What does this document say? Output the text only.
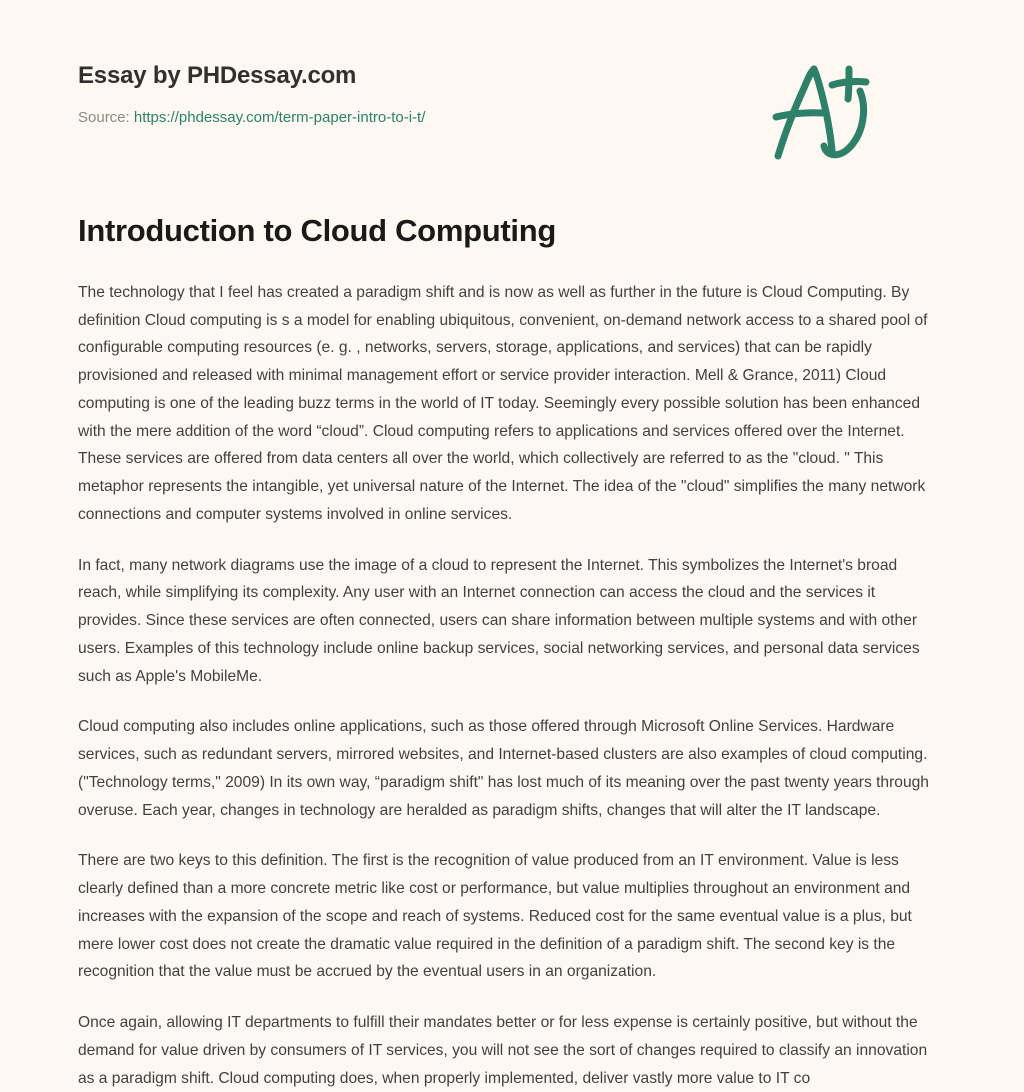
Essay by PHDessay.com
Source: https://phdessay.com/term-paper-intro-to-i-t/
Introduction to Cloud Computing

The technology that I feel has created a paradigm shift and is now as well as further in the future is Cloud Computing. By definition Cloud computing is s a model for enabling ubiquitous, convenient, on-demand network access to a shared pool of configurable computing resources (e. g. , networks, servers, storage, applications, and services) that can be rapidly provisioned and released with minimal management effort or service provider interaction. Mell & Grance, 2011) Cloud computing is one of the leading buzz terms in the world of IT today. Seemingly every possible solution has been enhanced with the mere addition of the word “cloud”. Cloud computing refers to applications and services offered over the Internet. These services are offered from data centers all over the world, which collectively are referred to as the "cloud. " This metaphor represents the intangible, yet universal nature of the Internet. The idea of the "cloud" simplifies the many network connections and computer systems involved in online services.

In fact, many network diagrams use the image of a cloud to represent the Internet. This symbolizes the Internet's broad reach, while simplifying its complexity. Any user with an Internet connection can access the cloud and the services it provides. Since these services are often connected, users can share information between multiple systems and with other users. Examples of this technology include online backup services, social networking services, and personal data services such as Apple's MobileMe.

Cloud computing also includes online applications, such as those offered through Microsoft Online Services. Hardware services, such as redundant servers, mirrored websites, and Internet-based clusters are also examples of cloud computing. ("Technology terms," 2009) In its own way, “paradigm shift" has lost much of its meaning over the past twenty years through overuse. Each year, changes in technology are heralded as paradigm shifts, changes that will alter the IT landscape.

There are two keys to this definition. The first is the recognition of value produced from an IT environment. Value is less clearly defined than a more concrete metric like cost or performance, but value multiplies throughout an environment and increases with the expansion of the scope and reach of systems. Reduced cost for the same eventual value is a plus, but mere lower cost does not create the dramatic value required in the definition of a paradigm shift. The second key is the recognition that the value must be accrued by the eventual users in an organization.

Once again, allowing IT departments to fulfill their mandates better or for less expense is certainly positive, but without the demand for value driven by consumers of IT services, you will not see the sort of changes required to classify an innovation as a paradigm shift. Cloud computing does, when properly implemented, deliver vastly more value to IT co
